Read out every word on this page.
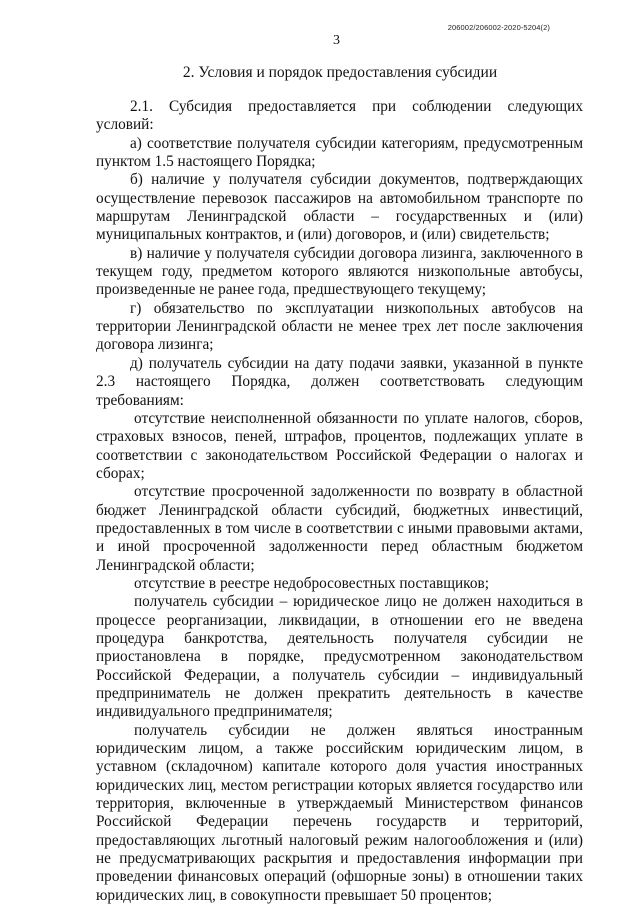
206002/206002-2020-5204(2)
3
2. Условия и порядок предоставления субсидии

2.1. Субсидия предоставляется при соблюдении следующих условий:

а) соответствие получателя субсидии категориям, предусмотренным пунктом 1.5 настоящего Порядка;

б) наличие у получателя субсидии документов, подтверждающих осуществление перевозок пассажиров на автомобильном транспорте по маршрутам Ленинградской области – государственных и (или) муниципальных контрактов, и (или) договоров, и (или) свидетельств;

в) наличие у получателя субсидии договора лизинга, заключенного в текущем году, предметом которого являются низкопольные автобусы, произведенные не ранее года, предшествующего текущему;

г) обязательство по эксплуатации низкопольных автобусов на территории Ленинградской области не менее трех лет после заключения договора лизинга;

д) получатель субсидии на дату подачи заявки, указанной в пункте 2.3 настоящего Порядка, должен соответствовать следующим требованиям:

отсутствие неисполненной обязанности по уплате налогов, сборов, страховых взносов, пеней, штрафов, процентов, подлежащих уплате в соответствии с законодательством Российской Федерации о налогах и сборах;

отсутствие просроченной задолженности по возврату в областной бюджет Ленинградской области субсидий, бюджетных инвестиций, предоставленных в том числе в соответствии с иными правовыми актами, и иной просроченной задолженности перед областным бюджетом Ленинградской области;

отсутствие в реестре недобросовестных поставщиков;

получатель субсидии – юридическое лицо не должен находиться в процессе реорганизации, ликвидации, в отношении его не введена процедура банкротства, деятельность получателя субсидии не приостановлена в порядке, предусмотренном законодательством Российской Федерации, а получатель субсидии – индивидуальный предприниматель не должен прекратить деятельность в качестве индивидуального предпринимателя;

получатель субсидии не должен являться иностранным юридическим лицом, а также российским юридическим лицом, в уставном (складочном) капитале которого доля участия иностранных юридических лиц, местом регистрации которых является государство или территория, включенные в утверждаемый Министерством финансов Российской Федерации перечень государств и территорий, предоставляющих льготный налоговый режим налогообложения и (или) не предусматривающих раскрытия и предоставления информации при проведении финансовых операций (офшорные зоны) в отношении таких юридических лиц, в совокупности превышает 50 процентов;
